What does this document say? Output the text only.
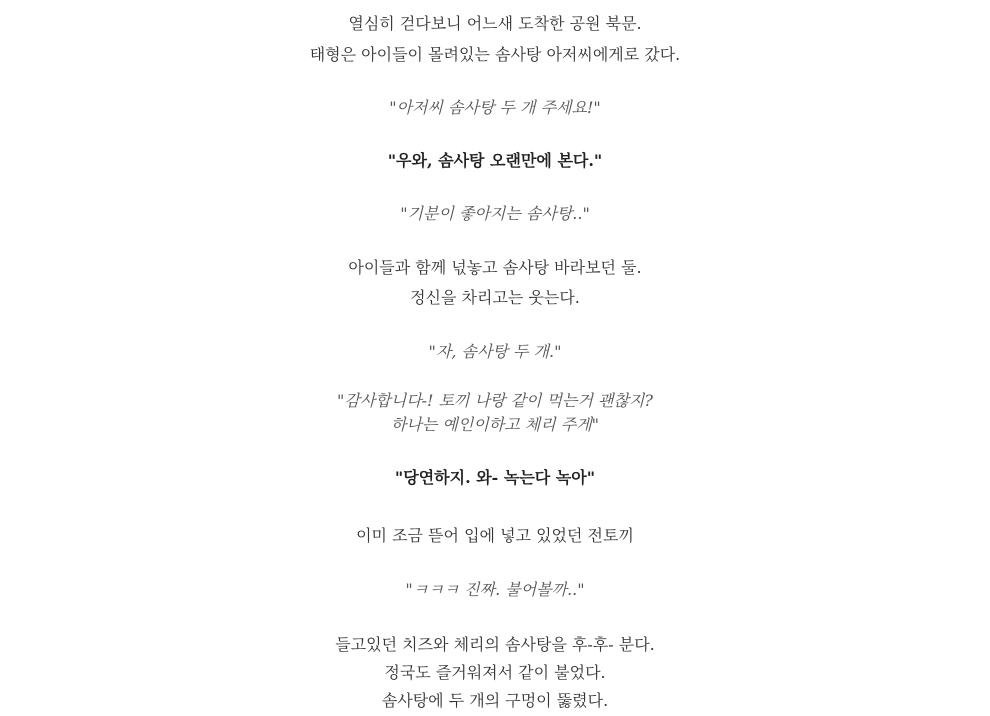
열심히 걷다보니 어느새 도착한 공원 북문.
태형은 아이들이 몰려있는 솜사탕 아저씨에게로 갔다.
"아저씨 솜사탕 두 개 주세요!"
"우와, 솜사탕 오랜만에 본다."
"기분이 좋아지는 솜사탕.."
아이들과 함께 넋놓고 솜사탕 바라보던 둘.
정신을 차리고는 웃는다.
"자, 솜사탕 두 개."
"감사합니다-! 토끼 나랑 같이 먹는거 괜찮지?
하나는 예인이하고 체리 주게"
"당연하지. 와- 녹는다 녹아"
이미 조금 뜯어 입에 넣고 있었던 전토끼
"ㅋㅋㅋ 진짜. 불어볼까.."
들고있던 치즈와 체리의 솜사탕을 후-후- 분다.
정국도 즐거워져서 같이 불었다.
솜사탕에 두 개의 구멍이 뚫렸다.
